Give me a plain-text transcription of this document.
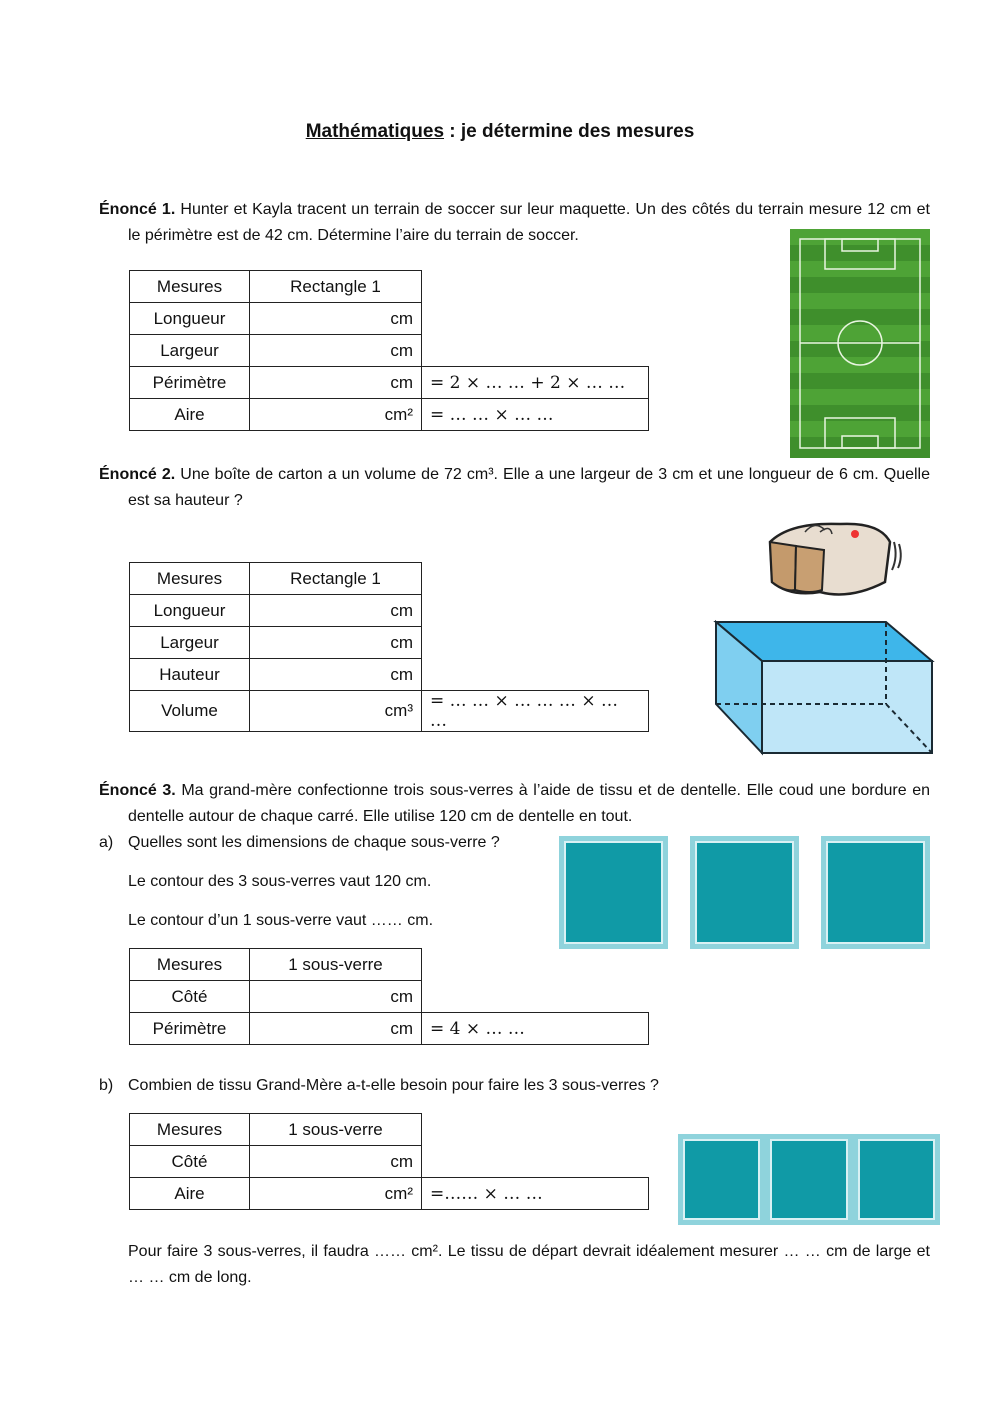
Mathématiques : je détermine des mesures
Énoncé 1. Hunter et Kayla tracent un terrain de soccer sur leur maquette. Un des côtés du terrain mesure 12 cm et le périmètre est de 42 cm. Détermine l’aire du terrain de soccer.
Mesures	Rectangle 1	
Longueur	cm	
Largeur	cm	
Périmètre	cm	= 2 × … … + 2 × … …
Aire	cm²	= … … × … …
Énoncé 2. Une boîte de carton a un volume de 72 cm³. Elle a une largeur de 3 cm et une longueur de 6 cm. Quelle est sa hauteur ?
Mesures	Rectangle 1	
Longueur	cm	
Largeur	cm	
Hauteur	cm	
Volume	cm³	= … … × … … … × … …
Énoncé 3. Ma grand-mère confectionne trois sous-verres à l’aide de tissu et de dentelle. Elle coud une bordure en dentelle autour de chaque carré. Elle utilise 120 cm de dentelle en tout.
a) Quelles sont les dimensions de chaque sous-verre ?
Le contour des 3 sous-verres vaut 120 cm.
Le contour d’un 1 sous-verre vaut …… cm.
Mesures	1 sous-verre	
Côté	cm	
Périmètre	cm	= 4 × … …
b) Combien de tissu Grand-Mère a-t-elle besoin pour faire les 3 sous-verres ?
Mesures	1 sous-verre	
Côté	cm	
Aire	cm²	=…… × … …
Pour faire 3 sous-verres, il faudra …… cm². Le tissu de départ devrait idéalement mesurer … … cm de large et … … cm de long.
